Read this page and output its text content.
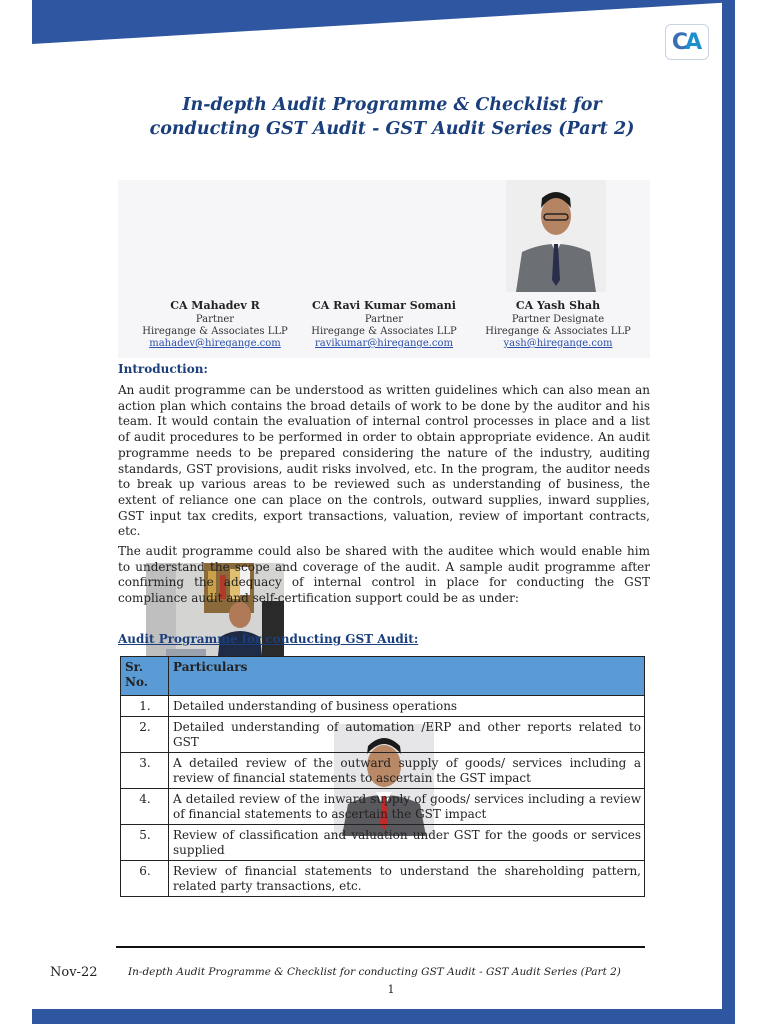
C A
In-depth Audit Programme & Checklist for
conducting GST Audit - GST Audit Series (Part 2)
CA Mahadev R
Partner
Hiregange & Associates LLP
mahadev@hiregange.com
CA Ravi Kumar Somani
Partner
Hiregange & Associates LLP
ravikumar@hiregange.com
CA Yash Shah
Partner Designate
Hiregange & Associates LLP
yash@hiregange.com
Introduction:
An audit programme can be understood as written guidelines which can also mean an action plan which contains the broad details of work to be done by the auditor and his team. It would contain the evaluation of internal control processes in place and a list of audit procedures to be performed in order to obtain appropriate evidence. An audit programme needs to be prepared considering the nature of the industry, auditing standards, GST provisions, audit risks involved, etc. In the program, the auditor needs to break up various areas to be reviewed such as understanding of business, the extent of reliance one can place on the controls, outward supplies, inward supplies, GST input tax credits, export transactions, valuation, review of important contracts, etc.
The audit programme could also be shared with the auditee which would enable him to understand the scope and coverage of the audit. A sample audit programme after confirming the adequacy of internal control in place for conducting the GST compliance audit and self-certification support could be as under:
Audit Programme for conducting GST Audit:
Sr. No.	Particulars
1.	Detailed understanding of business operations
2.	Detailed understanding of automation /ERP and other reports related to GST
3.	A detailed review of the outward supply of goods/ services including a review of financial statements to ascertain the GST impact
4.	A detailed review of the inward supply of goods/ services including a review of financial statements to ascertain the GST impact
5.	Review of classification and valuation under GST for the goods or services supplied
6.	Review of financial statements to understand the shareholding pattern, related party transactions, etc.
Nov-22	In-depth Audit Programme & Checklist for conducting GST Audit - GST Audit Series (Part 2)
1
